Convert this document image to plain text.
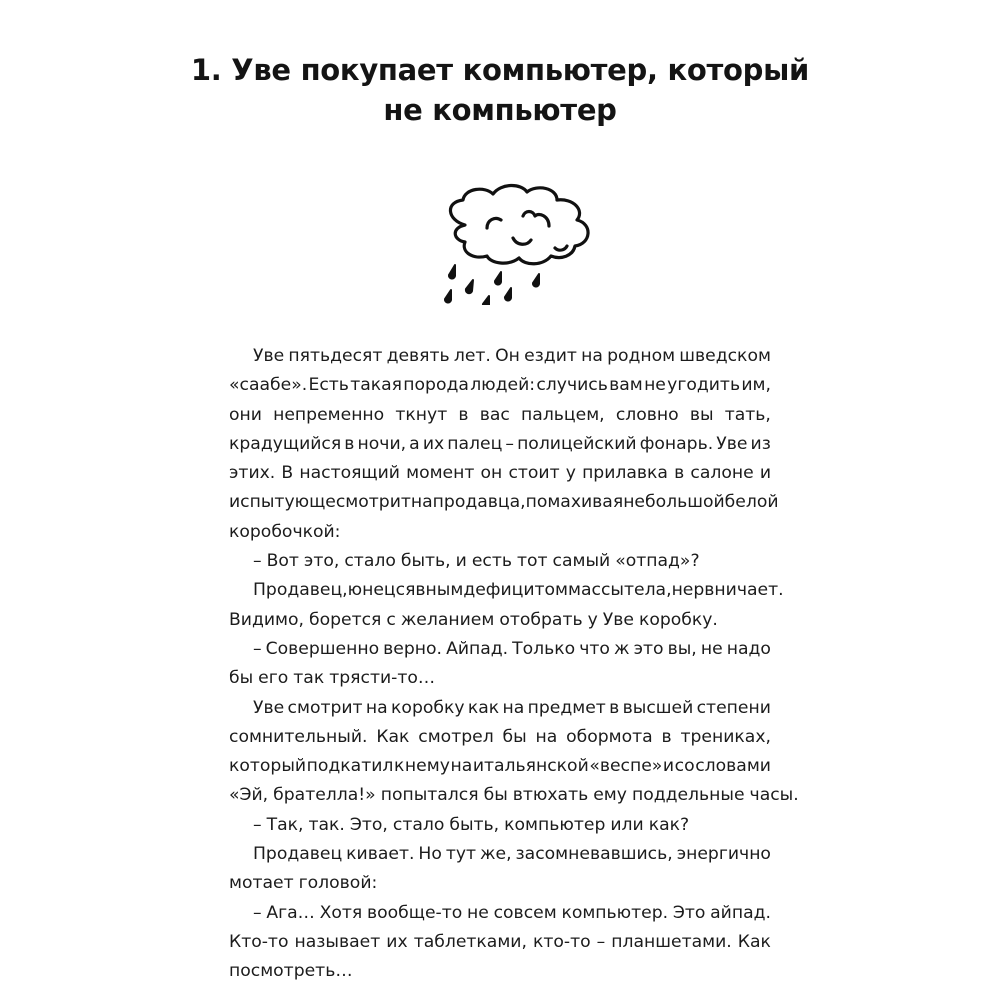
1. Уве покупает компьютер, который
не компьютер
Уве пятьдесят девять лет. Он ездит на родном шведском
«саабе». Есть такая порода людей: случись вам не угодить им,
они непременно ткнут в вас пальцем, словно вы тать,
крадущийся в ночи, а их палец – полицейский фонарь. Уве из
этих. В настоящий момент он стоит у прилавка в салоне и
испытующе смотрит на продавца, помахивая небольшой белой
коробочкой:
– Вот это, стало быть, и есть тот самый «отпад»?
Продавец, юнец с явным дефицитом массы тела, нервничает.
Видимо, борется с желанием отобрать у Уве коробку.
– Совершенно верно. Айпад. Только что ж это вы, не надо
бы его так трясти-то…
Уве смотрит на коробку как на предмет в высшей степени
сомнительный. Как смотрел бы на обормота в трениках,
который подкатил к нему на итальянской «веспе» и со словами
«Эй, брателла!» попытался бы втюхать ему поддельные часы.
– Так, так. Это, стало быть, компьютер или как?
Продавец кивает. Но тут же, засомневавшись, энергично
мотает головой:
– Ага… Хотя вообще-то не совсем компьютер. Это айпад.
Кто-то называет их таблетками, кто-то – планшетами. Как
посмотреть…
